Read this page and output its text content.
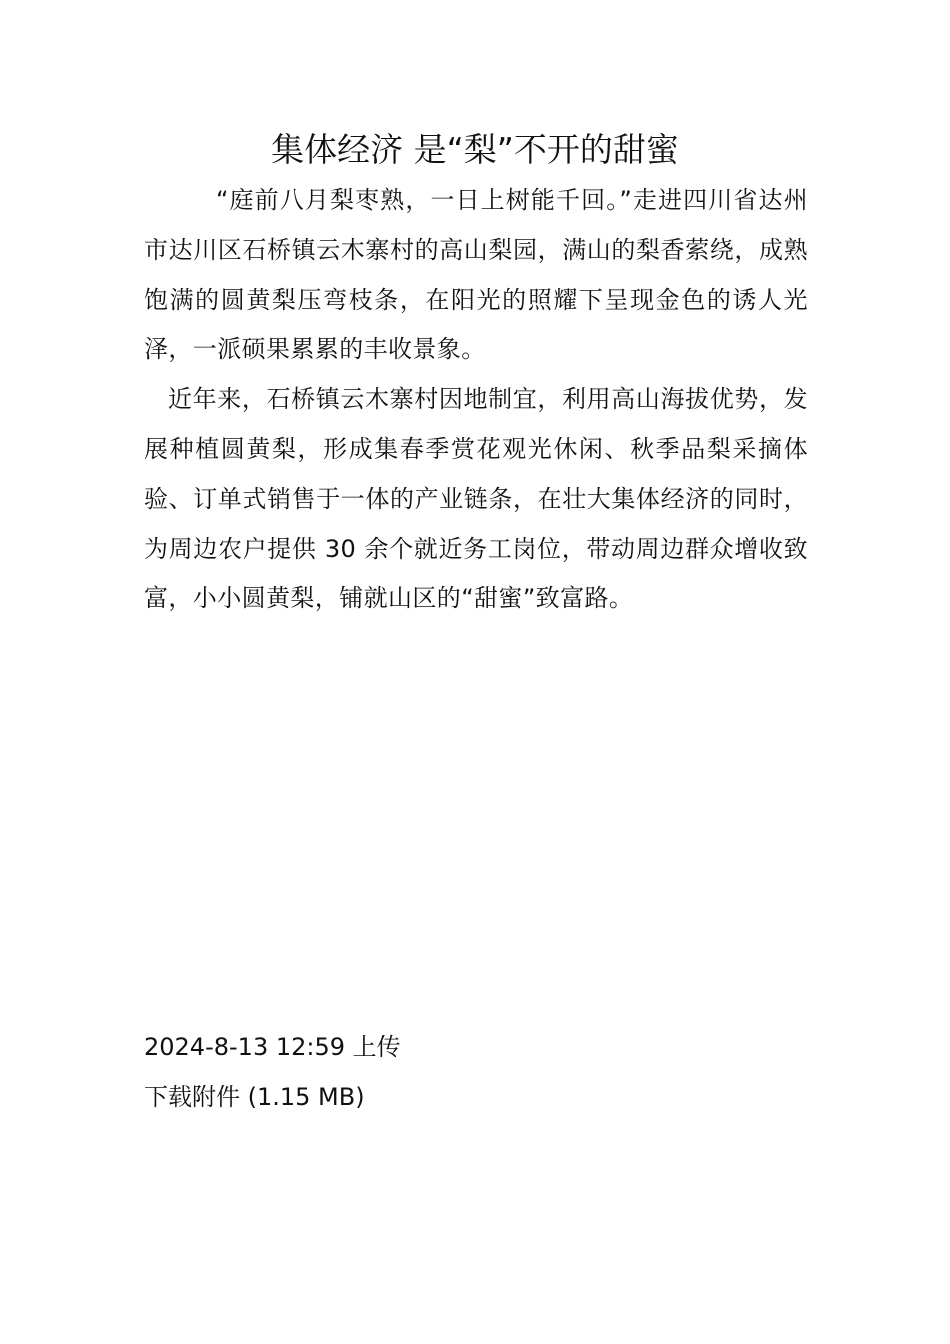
集体经济 是“梨”不开的甜蜜

“庭前八月梨枣熟，一日上树能千回。”走进四川省达州市达川区石桥镇云木寨村的高山梨园，满山的梨香萦绕，成熟饱满的圆黄梨压弯枝条，在阳光的照耀下呈现金色的诱人光泽，一派硕果累累的丰收景象。

近年来，石桥镇云木寨村因地制宜，利用高山海拔优势，发展种植圆黄梨，形成集春季赏花观光休闲、秋季品梨采摘体验、订单式销售于一体的产业链条，在壮大集体经济的同时，为周边农户提供 30 余个就近务工岗位，带动周边群众增收致富，小小圆黄梨，铺就山区的“甜蜜”致富路。

2024-8-13 12:59 上传
下载附件 (1.15 MB)
